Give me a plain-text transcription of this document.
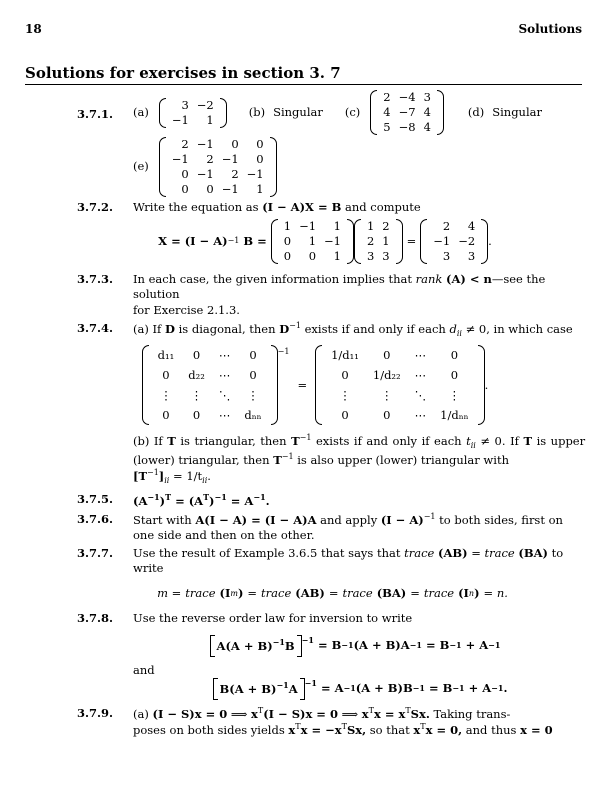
18	Solutions
Solutions for exercises in section 3. 7
3.7.1.	(a)
3	−2
−1	1
(b) Singular (c)
2	−4	3
4	−7	4
5	−8	4
(d) Singular
(e)
2	−1	0	0
−1	2	−1	0
0	−1	2	−1
0	0	−1	1
3.7.2.	Write the equation as (I − A)X = B and compute
X = (I − A) −1 B =
1	−1	1
0	1	−1
0	0	1
1	2
2	1
3	3
=
2	4
−1	−2
3	3
.
3.7.3.	In each case, the given information implies that rank (A) < n—see the solution
for Exercise 2.1.3.
3.7.4.	(a) If D is diagonal, then $D^{-1}$ exists if and only if each $d_{ii} \ne 0$, in which case
d₁₁	0	⋯	0
0	d₂₂	⋯	0
⋮	⋮	⋱	⋮
0	0	⋯	dₙₙ
$^{-1}$
=
1/d₁₁	0	⋯	0
0	1/d₂₂	⋯	0
⋮	⋮	⋱	⋮
0	0	⋯	1/dₙₙ
.
(b) If T is triangular, then $T^{-1}$ exists if and only if each $t_{ii} \ne 0$. If T is upper (lower) triangular, then $T^{-1}$ is also upper (lower) triangular with
$[T^{-1}]_{ii} = 1/t_{ii}$.
3.7.5.	$(A^{-1})^T = (A^T)^{-1} = A^{-1}$.
3.7.6.	Start with A(I − A) = (I − A)A and apply $(I - A)^{-1}$ to both sides, first on
one side and then on the other.
3.7.7.	Use the result of Example 3.6.5 that says that trace (AB) = trace (BA) to
write
m = trace (I m ) = trace (AB) = trace (BA) = trace (I n ) = n.
3.7.8.	Use the reverse order law for inversion to write
$A(A + B)^{-1}B$ $^{-1}$ = B −1 (A + B)A −1 = B −1 + A −1
and
$B(A + B)^{-1}A$ $^{-1}$ = A −1 (A + B)B −1 = B −1 + A −1 .
3.7.9.	(a) (I − S)x = 0 ⟹ $x^T(I - S)x = 0$ ⟹ $x^Tx = x^TSx$. Taking trans-
poses on both sides yields $x^Tx = -x^TSx$, so that $x^Tx = 0$, and thus x = 0
